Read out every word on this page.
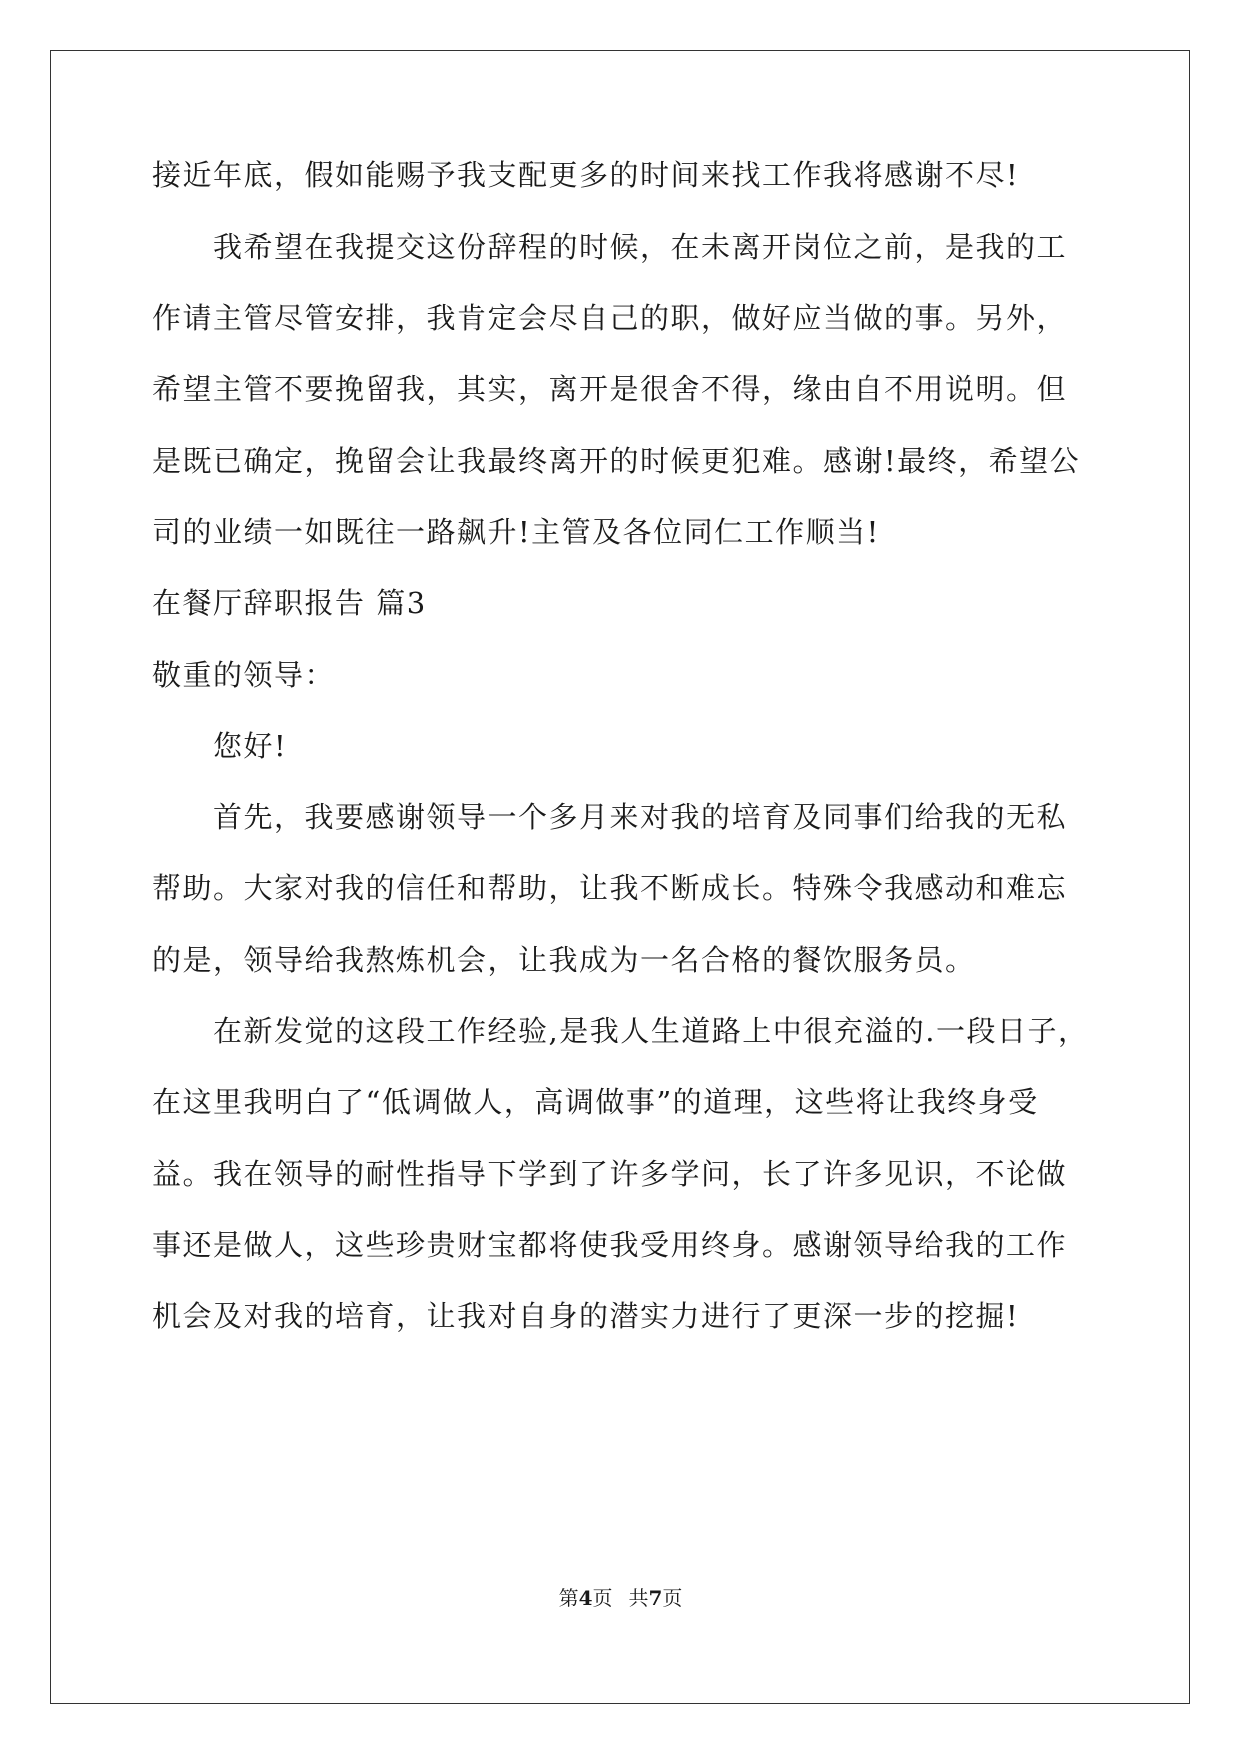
接近年底，假如能赐予我支配更多的时间来找工作我将感谢不尽!
我希望在我提交这份辞程的时候，在未离开岗位之前，是我的工
作请主管尽管安排，我肯定会尽自己的职，做好应当做的事。另外，
希望主管不要挽留我，其实，离开是很舍不得，缘由自不用说明。但
是既已确定，挽留会让我最终离开的时候更犯难。感谢!最终，希望公
司的业绩一如既往一路飙升!主管及各位同仁工作顺当!
在餐厅辞职报告 篇3
敬重的领导：
您好!
首先，我要感谢领导一个多月来对我的培育及同事们给我的无私
帮助。大家对我的信任和帮助，让我不断成长。特殊令我感动和难忘
的是，领导给我熬炼机会，让我成为一名合格的餐饮服务员。
在新发觉的这段工作经验,是我人生道路上中很充溢的.一段日子，
在这里我明白了“低调做人，高调做事”的道理，这些将让我终身受
益。我在领导的耐性指导下学到了许多学问，长了许多见识，不论做
事还是做人，这些珍贵财宝都将使我受用终身。感谢领导给我的工作
机会及对我的培育，让我对自身的潜实力进行了更深一步的挖掘!
第4页 共7页
